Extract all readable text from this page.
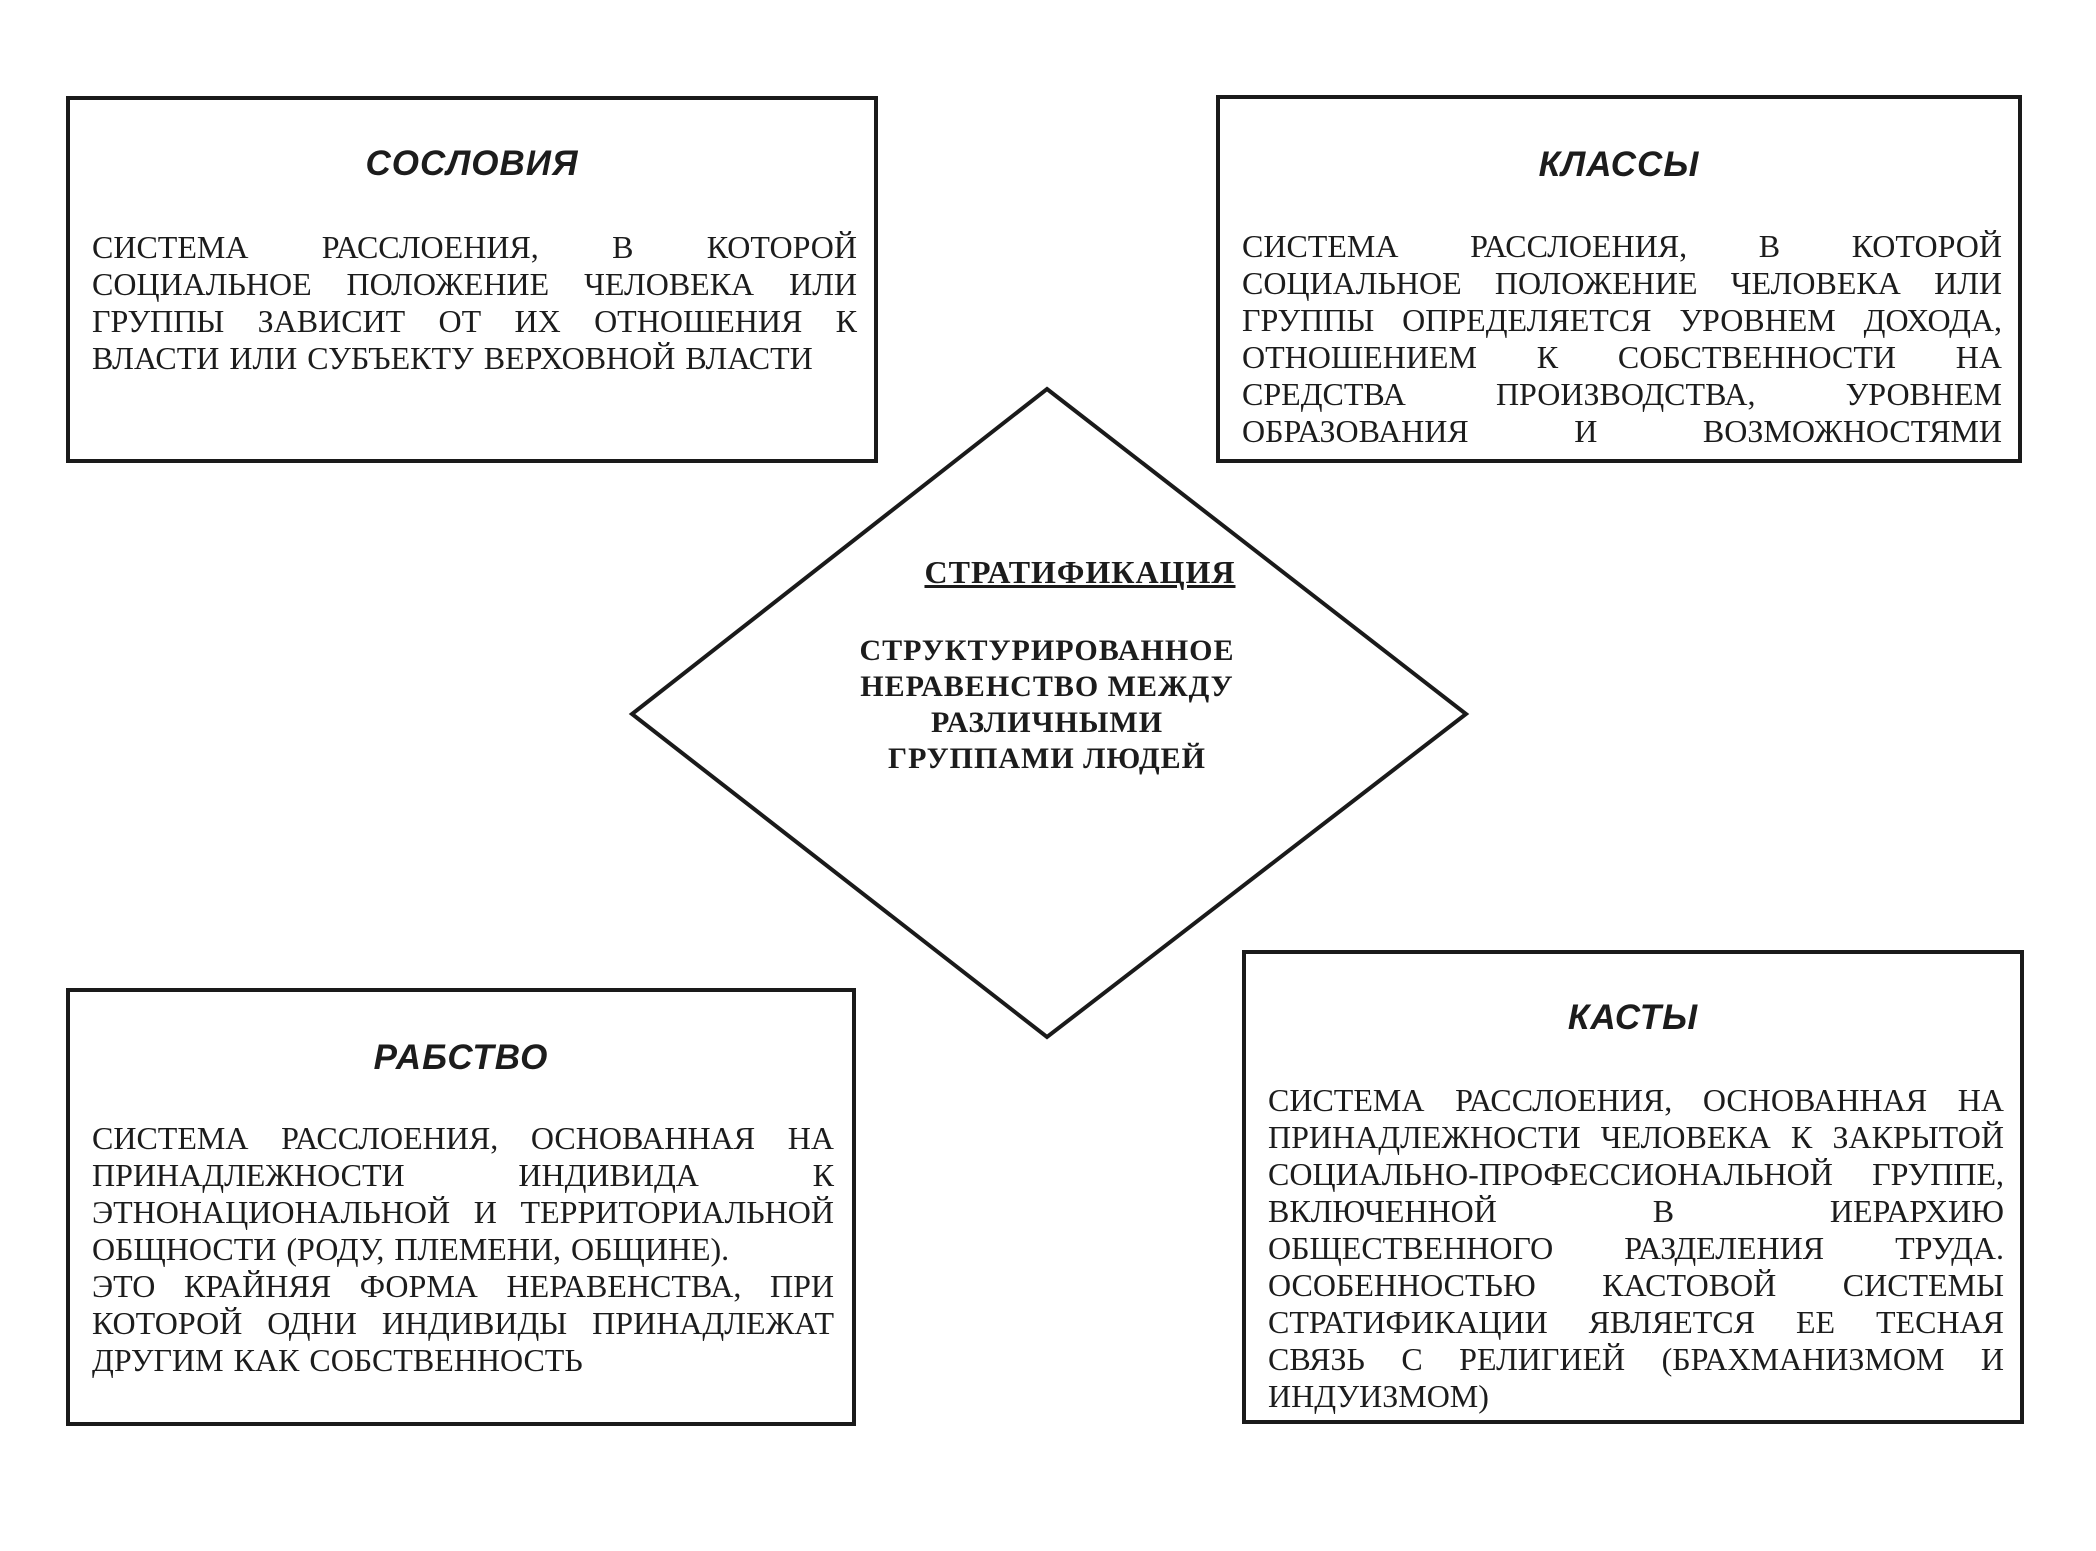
СТРАТИФИКАЦИЯ
СТРУКТУРИРОВАННОЕ
НЕРАВЕНСТВО МЕЖДУ
РАЗЛИЧНЫМИ
ГРУППАМИ ЛЮДЕЙ
СОСЛОВИЯ

СИСТЕМА РАССЛОЕНИЯ, В КОТОРОЙ СОЦИАЛЬНОЕ ПОЛОЖЕНИЕ ЧЕЛОВЕКА ИЛИ ГРУППЫ ЗАВИСИТ ОТ ИХ ОТНОШЕНИЯ К ВЛАСТИ ИЛИ СУБЪЕКТУ ВЕРХОВНОЙ ВЛАСТИ

КЛАССЫ

СИСТЕМА РАССЛОЕНИЯ, В КОТОРОЙ СОЦИАЛЬНОЕ ПОЛОЖЕНИЕ ЧЕЛОВЕКА ИЛИ ГРУППЫ ОПРЕДЕЛЯЕТСЯ УРОВНЕМ ДОХОДА, ОТНОШЕНИЕМ К СОБСТВЕННОСТИ НА СРЕДСТВА ПРОИЗВОДСТВА, УРОВНЕМ ОБРАЗОВАНИЯ И ВОЗМОЖНОСТЯМИ

РАБСТВО

СИСТЕМА РАССЛОЕНИЯ, ОСНОВАННАЯ НА ПРИНАДЛЕЖНОСТИ ИНДИВИДА К ЭТНОНАЦИОНАЛЬНОЙ И ТЕРРИТОРИАЛЬНОЙ ОБЩНОСТИ (РОДУ, ПЛЕМЕНИ, ОБЩИНЕ).

ЭТО КРАЙНЯЯ ФОРМА НЕРАВЕНСТВА, ПРИ КОТОРОЙ ОДНИ ИНДИВИДЫ ПРИНАДЛЕЖАТ ДРУГИМ КАК СОБСТВЕННОСТЬ

КАСТЫ

СИСТЕМА РАССЛОЕНИЯ, ОСНОВАННАЯ НА ПРИНАДЛЕЖНОСТИ ЧЕЛОВЕКА К ЗАКРЫТОЙ СОЦИАЛЬНО-ПРОФЕССИОНАЛЬНОЙ ГРУППЕ, ВКЛЮЧЕННОЙ В ИЕРАРХИЮ ОБЩЕСТВЕННОГО РАЗДЕЛЕНИЯ ТРУДА. ОСОБЕННОСТЬЮ КАСТОВОЙ СИСТЕМЫ СТРАТИФИКАЦИИ ЯВЛЯЕТСЯ ЕЕ ТЕСНАЯ СВЯЗЬ С РЕЛИГИЕЙ (БРАХМАНИЗМОМ И ИНДУИЗМОМ)
